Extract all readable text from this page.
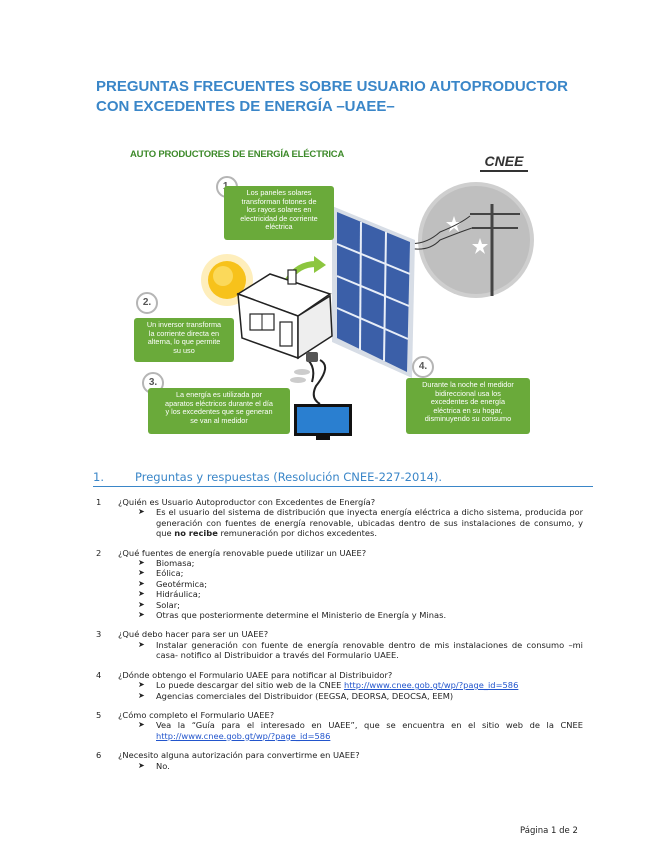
PREGUNTAS FRECUENTES SOBRE USUARIO AUTOPRODUCTOR
CON EXCEDENTES DE ENERGÍA –UAEE–
AUTO PRODUCTORES DE ENERGÍA ELÉCTRICA	CNEE
Los paneles solares
transforman fotones de
los rayos solares en
electricidad de corriente
eléctrica
2.
Un inversor transforma
la corriente directa en
alterna, lo que permite
su uso
3.
La energía es utilizada por
aparatos eléctricos durante el día
y los excedentes que se generan
se van al medidor
4.
Durante la noche el medidor
bidireccional usa los
excedentes de energía
eléctrica en su hogar,
disminuyendo su consumo
1.	Preguntas y respuestas (Resolución CNEE-227-2014).
1 ¿Quién es Usuario Autoproductor con Excedentes de Energía?
➤ Es el usuario del sistema de distribución que inyecta energía eléctrica a dicho sistema, producida por generación con fuentes de energía renovable, ubicadas dentro de sus instalaciones de consumo, y que no recibe remuneración por dichos excedentes.
2 ¿Qué fuentes de energía renovable puede utilizar un UAEE?
➤ Biomasa;
➤ Eólica;
➤ Geotérmica;
➤ Hidráulica;
➤ Solar;
➤ Otras que posteriormente determine el Ministerio de Energía y Minas.
3 ¿Qué debo hacer para ser un UAEE?
➤ Instalar generación con fuente de energía renovable dentro de mis instalaciones de consumo –mi casa- notifico al Distribuidor a través del Formulario UAEE.
4 ¿Dónde obtengo el Formulario UAEE para notificar al Distribuidor?
➤ Lo puede descargar del sitio web de la CNEE http://www.cnee.gob.gt/wp/?page_id=586
➤ Agencias comerciales del Distribuidor (EEGSA, DEORSA, DEOCSA, EEM)
5 ¿Cómo completo el Formulario UAEE?
➤ Vea la “Guía para el interesado en UAEE”, que se encuentra en el sitio web de la CNEE http://www.cnee.gob.gt/wp/?page_id=586
6 ¿Necesito alguna autorización para convertirme en UAEE?
➤ No.
Página 1 de 2
